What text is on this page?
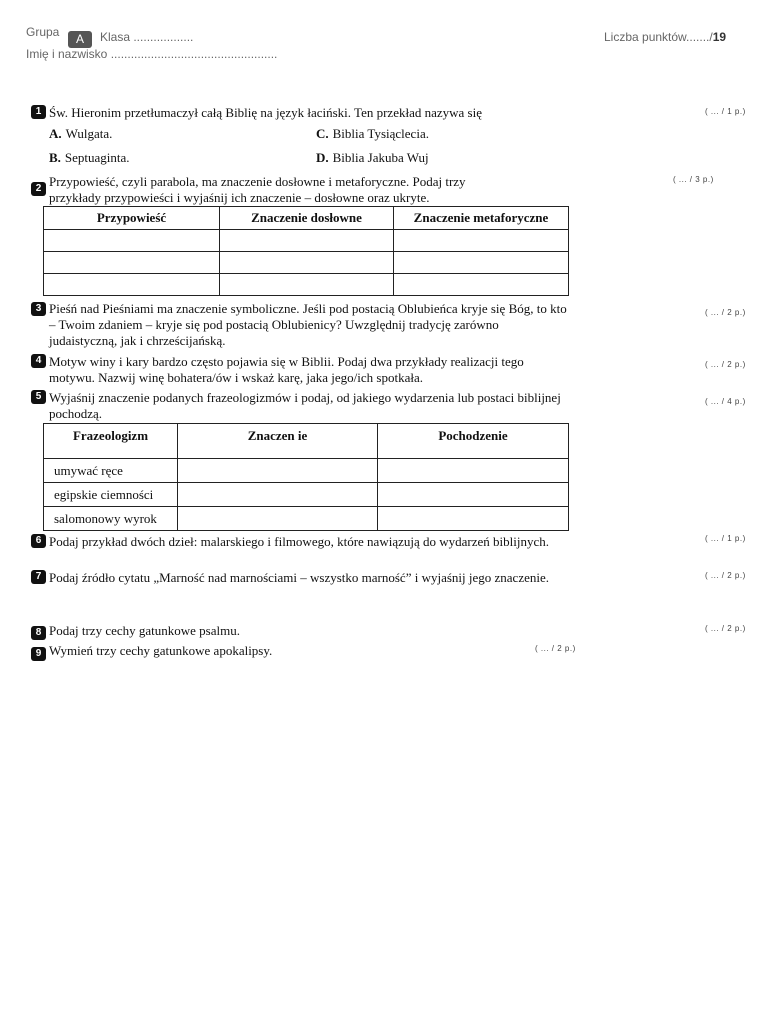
Grupa	A	Klasa ..................
Imię i nazwisko ..................................................
Liczba punktów......./19
1 Św. Hieronim przetłumaczył całą Biblię na język łaciński. Ten przekład nazywa się	( ... / 1 p.)
A. Wulgata.	C. Biblia Tysiąclecia.
B. Septuaginta.	D. Biblia Jakuba Wuj
2 Przypowieść, czyli parabola, ma znaczenie dosłowne i metaforyczne. Podaj trzy przykłady przypowieści i wyjaśnij ich znaczenie – dosłowne oraz ukryte.
( ... / 3 p.)
Przypowieść	Znaczenie dosłowne	Znaczenie metaforyczne

3 Pieśń nad Pieśniami ma znaczenie symboliczne. Jeśli pod postacią Oblubieńca kryje się Bóg, to kto – Twoim zdaniem – kryje się pod postacią Oblubienicy? Uwzględnij tradycję zarówno judaistyczną, jak i chrześcijańską.
( ... / 2 p.)
4 Motyw winy i kary bardzo często pojawia się w Biblii. Podaj dwa przykłady realizacji tego motywu. Nazwij winę bohatera/ów i wskaż karę, jaka jego/ich spotkała.
( ... / 2 p.)
5 Wyjaśnij znaczenie podanych frazeologizmów i podaj, od jakiego wydarzenia lub postaci biblijnej pochodzą.
( ... / 4 p.)
Frazeologizm	Znaczen ie	Pochodzenie
umywać ręce		
egipskie ciemności		
salomonowy wyrok		
6 Podaj przykład dwóch dzieł: malarskiego i filmowego, które nawiązują do wydarzeń biblijnych.	( ... / 1 p.)
7 Podaj źródło cytatu „Marność nad marnościami – wszystko marność” i wyjaśnij jego znaczenie.	( ... / 2 p.)
8 Podaj trzy cechy gatunkowe psalmu.	( ... / 2 p.)
9 Wymień trzy cechy gatunkowe apokalipsy.	( ... / 2 p.)
